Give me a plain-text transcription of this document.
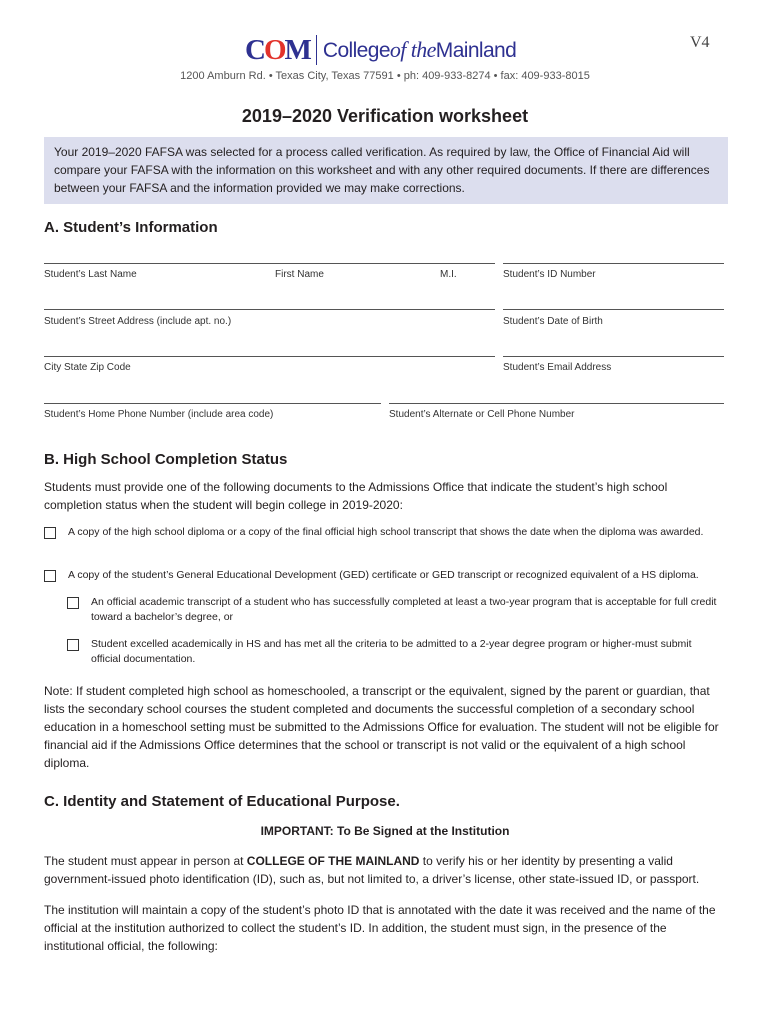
V4
COM Collegeof theMainland
1200 Amburn Rd. • Texas City, Texas 77591 • ph: 409-933-8274 • fax: 409-933-8015
2019–2020 Verification worksheet
Your 2019–2020 FAFSA was selected for a process called verification. As required by law, the Office of Financial Aid will compare your FAFSA with the information on this worksheet and with any other required documents. If there are differences between your FAFSA and the information provided we may make corrections.
A. Student’s Information
Student’s Last Name	First Name	M.I.	Student’s ID Number
Student’s Street Address (include apt. no.)	Student’s Date of Birth
City State Zip Code	Student’s Email Address
Student’s Home Phone Number (include area code)	Student’s Alternate or Cell Phone Number
B. High School Completion Status
Students must provide one of the following documents to the Admissions Office that indicate the student’s high school completion status when the student will begin college in 2019-2020:
A copy of the high school diploma or a copy of the final official high school transcript that shows the date when the diploma was awarded.
A copy of the student’s General Educational Development (GED) certificate or GED transcript or recognized equivalent of a HS diploma.
An official academic transcript of a student who has successfully completed at least a two-year program that is acceptable for full credit toward a bachelor’s degree, or
Student excelled academically in HS and has met all the criteria to be admitted to a 2-year degree program or higher-must submit official documentation.
Note: If student completed high school as homeschooled, a transcript or the equivalent, signed by the parent or guardian, that lists the secondary school courses the student completed and documents the successful completion of a secondary school education in a homeschool setting must be submitted to the Admissions Office for evaluation. The student will not be eligible for financial aid if the Admissions Office determines that the school or transcript is not valid or the equivalent of a high school diploma.
C. Identity and Statement of Educational Purpose.
IMPORTANT: To Be Signed at the Institution
The student must appear in person at COLLEGE OF THE MAINLAND to verify his or her identity by presenting a valid government-issued photo identification (ID), such as, but not limited to, a driver’s license, other state-issued ID, or passport.
The institution will maintain a copy of the student’s photo ID that is annotated with the date it was received and the name of the official at the institution authorized to collect the student’s ID. In addition, the student must sign, in the presence of the institutional official, the following:
